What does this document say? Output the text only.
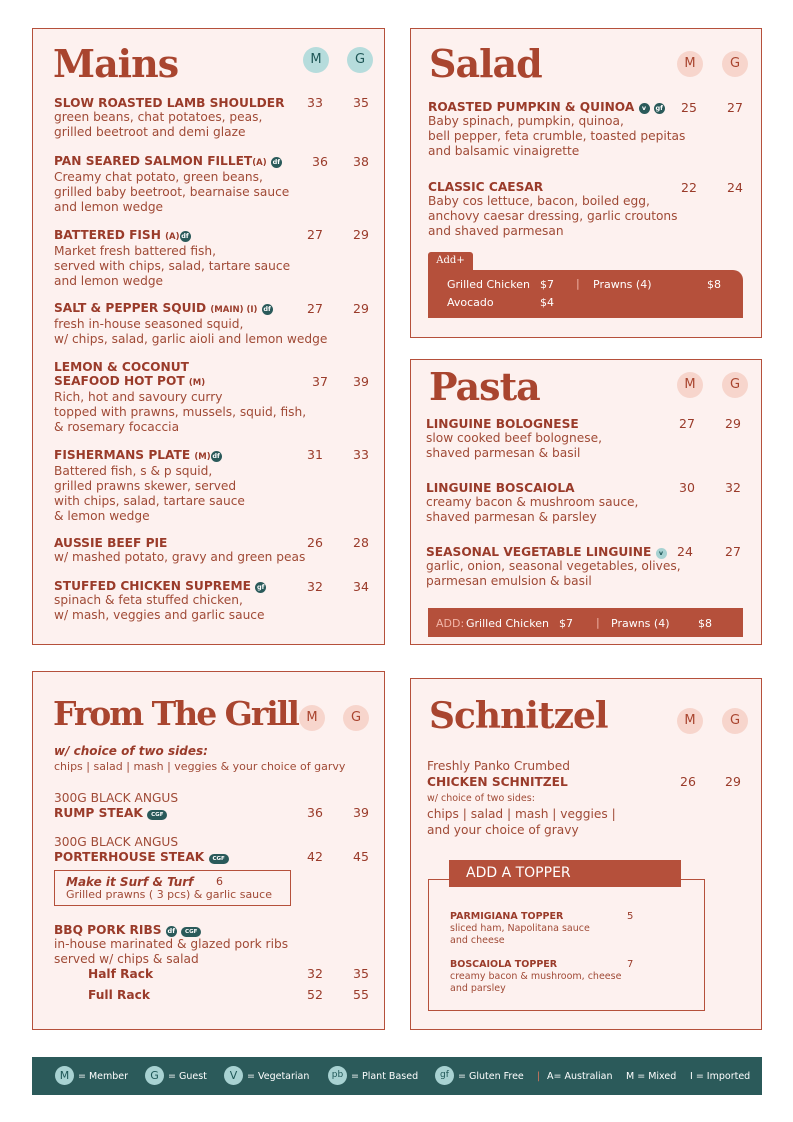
Mains	M	G
SLOW ROASTED LAMB SHOULDER
green beans, chat potatoes, peas,
grilled beetroot and demi glaze
33 35
PAN SEARED SALMON FILLET(A) df
Creamy chat potato, green beans,
grilled baby beetroot, bearnaise sauce
and lemon wedge
36 38
BATTERED FISH (A) df
Market fresh battered fish,
served with chips, salad, tartare sauce
and lemon wedge
27 29
SALT & PEPPER SQUID (MAIN) (I) df
fresh in-house seasoned squid,
w/ chips, salad, garlic aioli and lemon wedge
27 29
LEMON & COCONUT
SEAFOOD HOT POT (M)
Rich, hot and savoury curry
topped with prawns, mussels, squid, fish,
& rosemary focaccia
37 39
FISHERMANS PLATE (M) df
Battered fish, s & p squid,
grilled prawns skewer, served
with chips, salad, tartare sauce
& lemon wedge
31 33
AUSSIE BEEF PIE
w/ mashed potato, gravy and green peas
26 28
STUFFED CHICKEN SUPREME gf
spinach & feta stuffed chicken,
w/ mash, veggies and garlic sauce
32 34
Salad	M	G
ROASTED PUMPKIN & QUINOA v gf
Baby spinach, pumpkin, quinoa,
bell pepper, feta crumble, toasted pepitas
and balsamic vinaigrette
25 27
CLASSIC CAESAR
Baby cos lettuce, bacon, boiled egg,
anchovy caesar dressing, garlic croutons
and shaved parmesan
22 24
Add+
Grilled Chicken $7 | Prawns (4)	$8
Avocado	$4
Pasta	M	G
LINGUINE BOLOGNESE
slow cooked beef bolognese,
shaved parmesan & basil
27 29
LINGUINE BOSCAIOLA
creamy bacon & mushroom sauce,
shaved parmesan & parsley
30 32
SEASONAL VEGETABLE LINGUINE v
garlic, onion, seasonal vegetables, olives,
parmesan emulsion & basil
24	27
ADD: Grilled Chicken $7 | Prawns (4)	$8
From The Grill M	G
w/ choice of two sides:
chips | salad | mash | veggies & your choice of garvy
300G BLACK ANGUS
RUMP STEAK CGF	36 39
300G BLACK ANGUS
PORTERHOUSE STEAK CGF	42 45
Make it Surf & Turf 6
Grilled prawns ( 3 pcs) & garlic sauce
BBQ PORK RIBS df CGF
in-house marinated & glazed pork ribs
served w/ chips & salad
Half Rack	32 35
Full Rack	52 55
Schnitzel	M	G
Freshly Panko Crumbed
CHICKEN SCHNITZEL	26 29
w/ choice of two sides:
chips | salad | mash | veggies |
and your choice of gravy
ADD A TOPPER
PARMIGIANA TOPPER
sliced ham, Napolitana sauce
and cheese
5
BOSCAIOLA TOPPER
creamy bacon & mushroom, cheese
and parsley
7
M = Member	G = Guest	V	= Vegetarian	pb = Plant Based	gf = Gluten Free | A= Australian M = Mixed I = Imported
